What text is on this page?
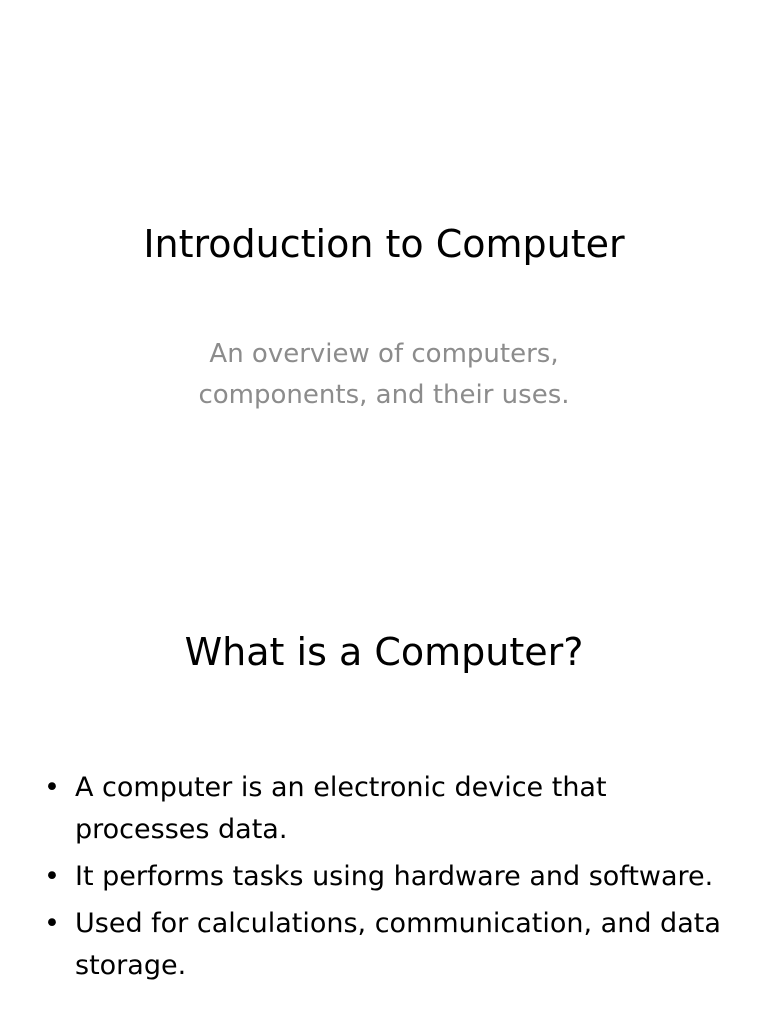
Introduction to Computer

An overview of computers, components, and their uses.

What is a Computer?
• A computer is an electronic device that processes data.
• It performs tasks using hardware and software.
• Used for calculations, communication, and data storage.
